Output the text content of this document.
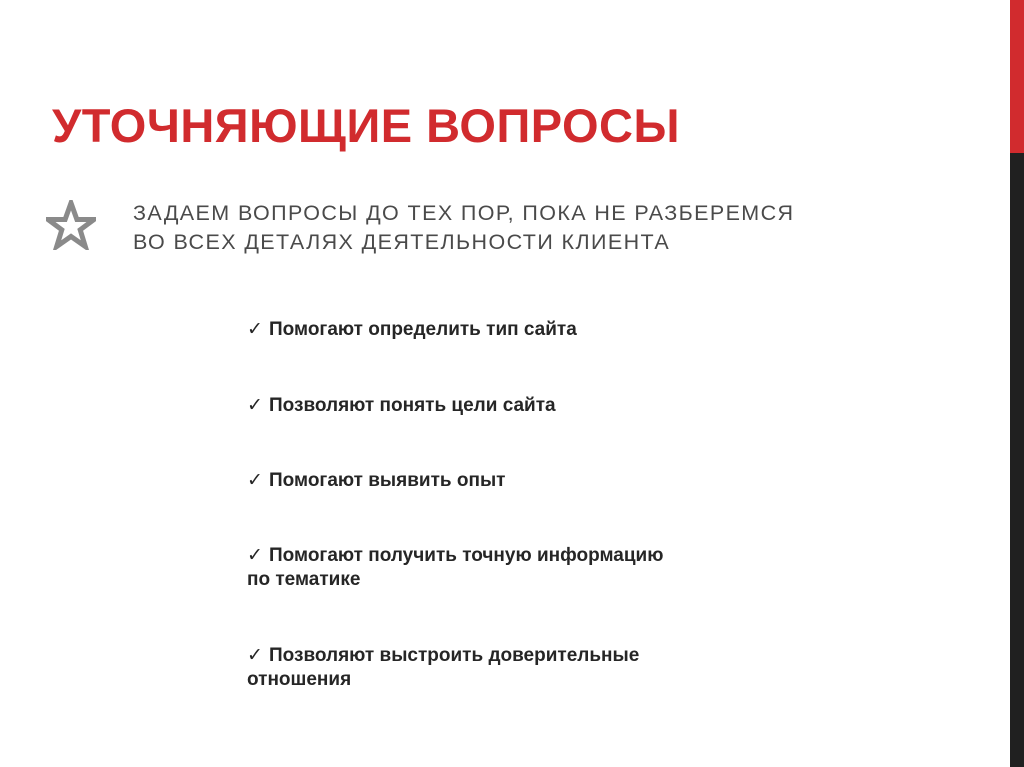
УТОЧНЯЮЩИЕ ВОПРОСЫ
ЗАДАЕМ ВОПРОСЫ ДО ТЕХ ПОР, ПОКА НЕ РАЗБЕРЕМСЯ
ВО ВСЕХ ДЕТАЛЯХ ДЕЯТЕЛЬНОСТИ КЛИЕНТА
✓ Помогают определить тип сайта
✓ Позволяют понять цели сайта
✓ Помогают выявить опыт
✓ Помогают получить точную информацию
по тематике
✓ Позволяют выстроить доверительные
отношения
